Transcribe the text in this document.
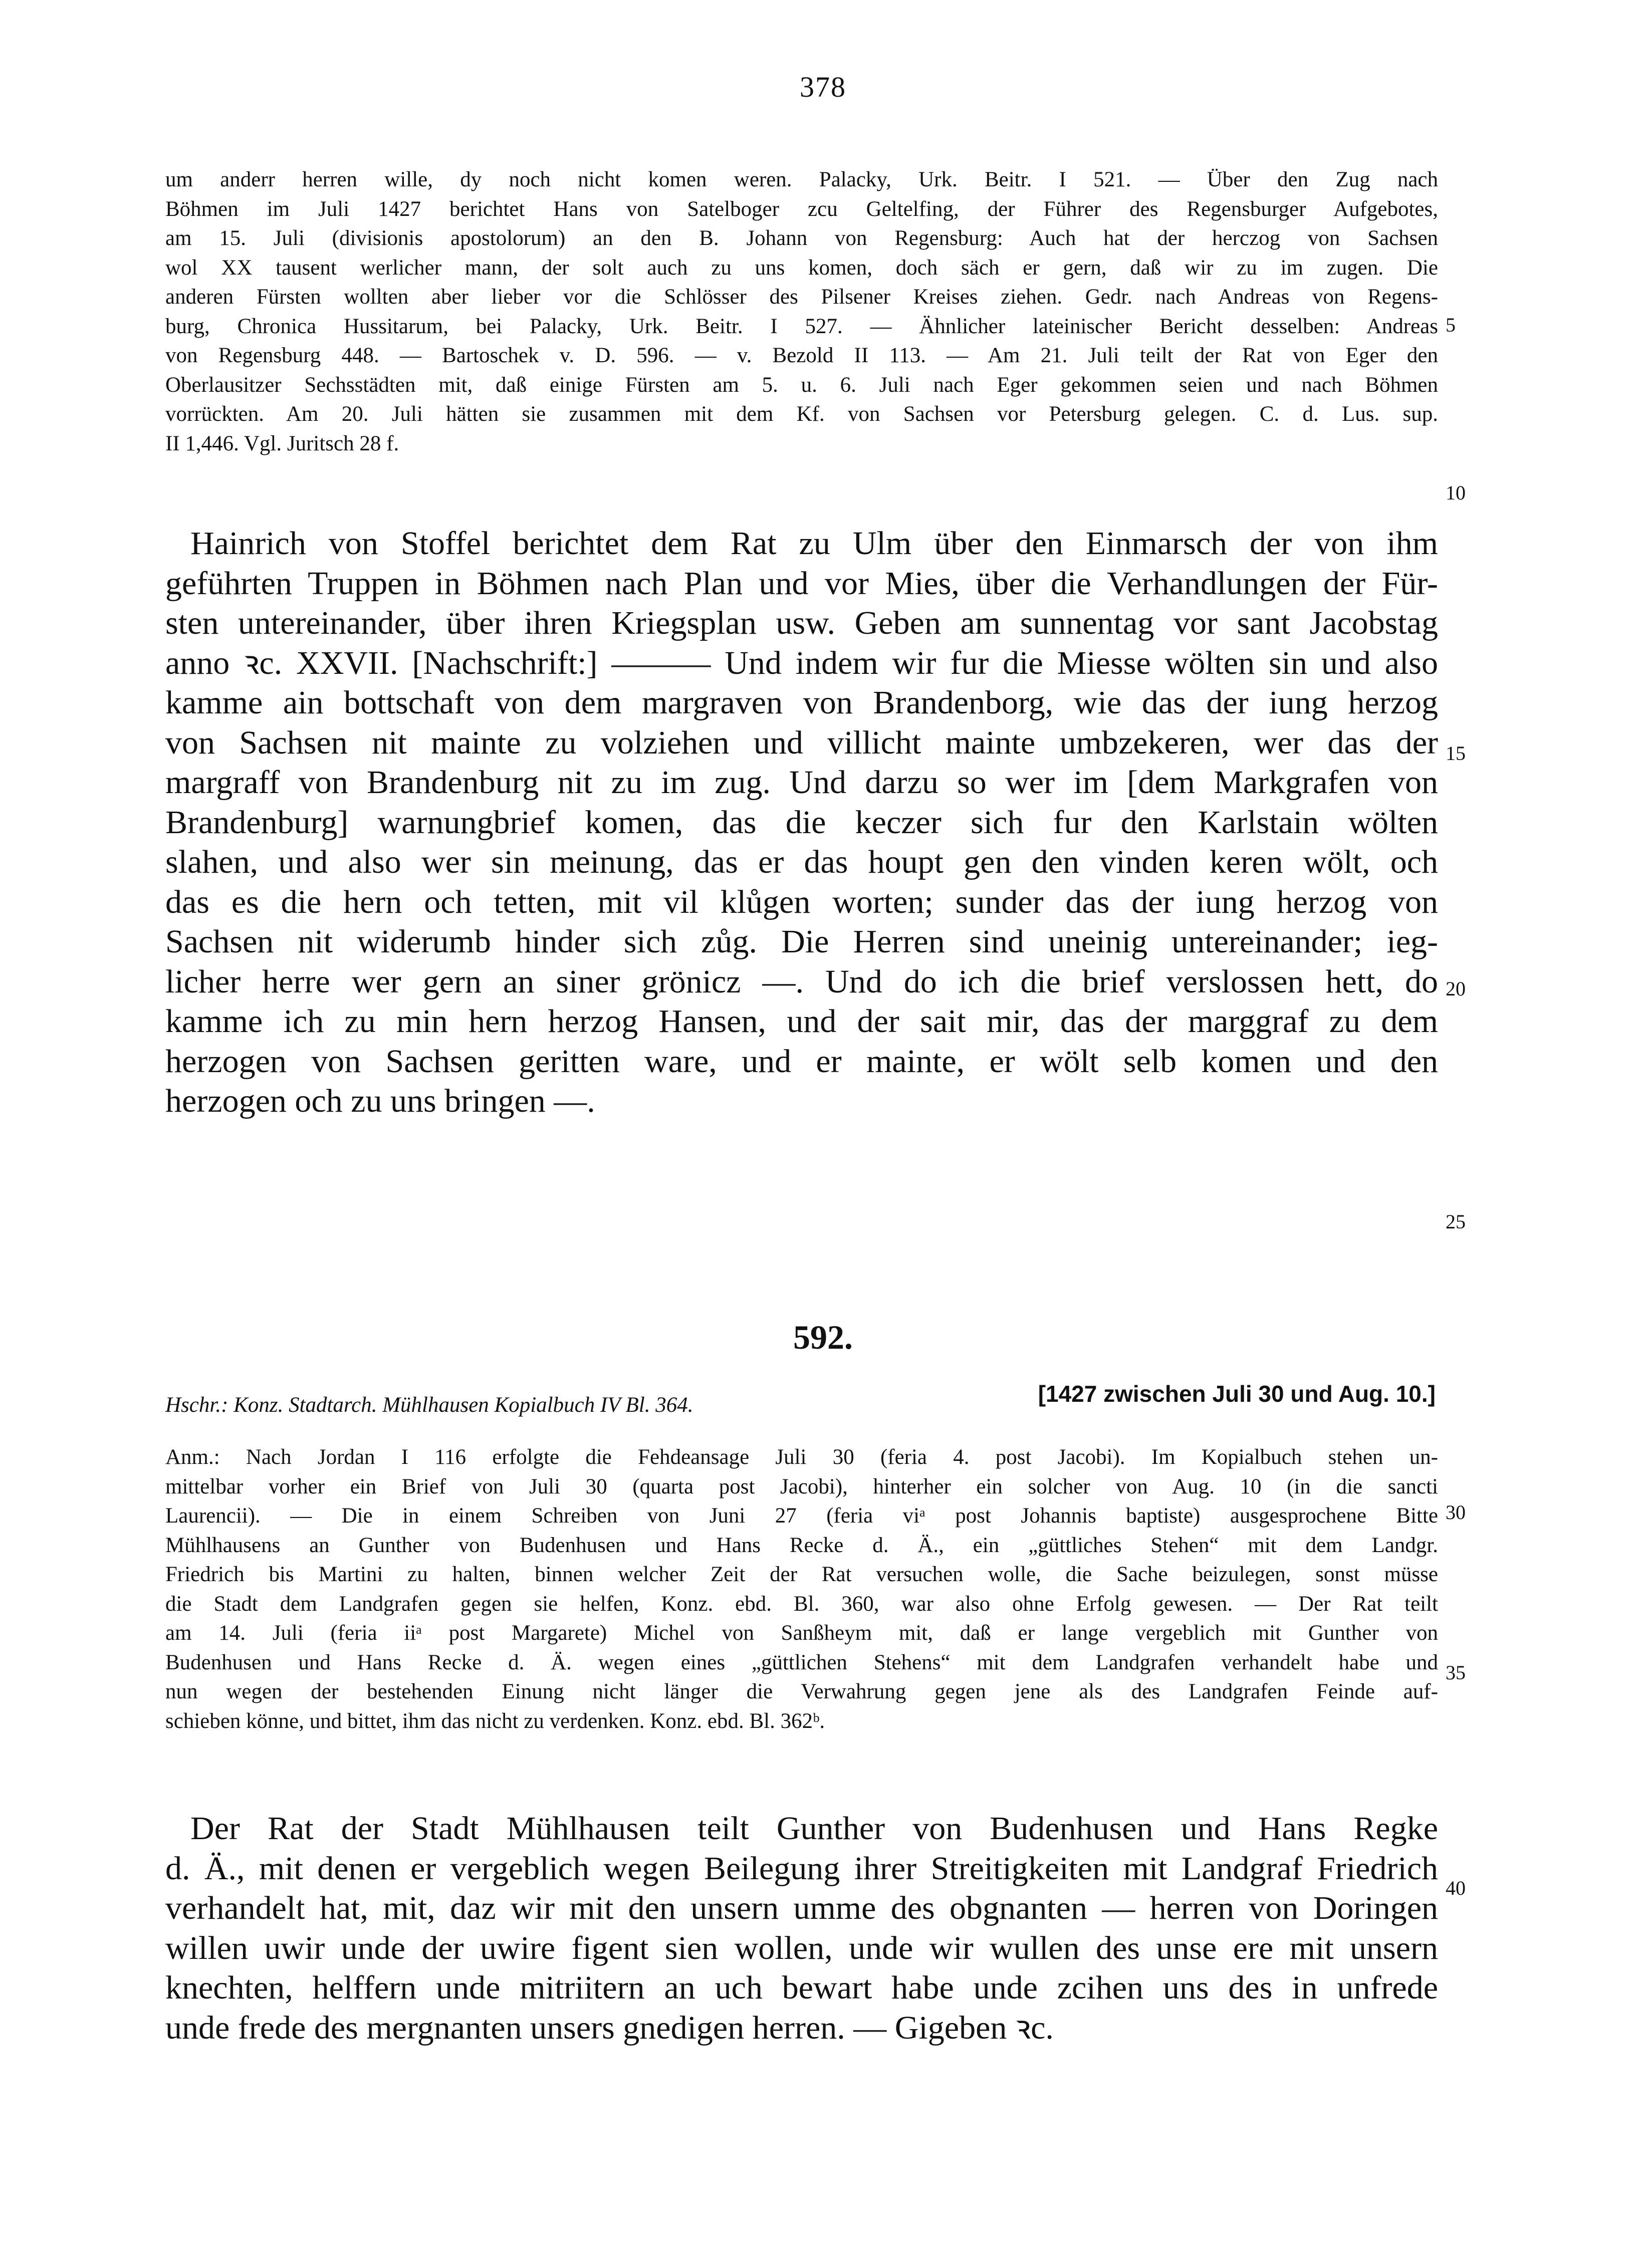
378
um anderr herren wille, dy noch nicht komen weren. Palacky, Urk. Beitr. I 521. — Über den Zug nach
Böhmen im Juli 1427 berichtet Hans von Satelboger zcu Geltelfing, der Führer des Regensburger Aufgebotes,
am 15. Juli (divisionis apostolorum) an den B. Johann von Regensburg: Auch hat der herczog von Sachsen
wol XX tausent werlicher mann, der solt auch zu uns komen, doch säch er gern, daß wir zu im zugen. Die
anderen Fürsten wollten aber lieber vor die Schlösser des Pilsener Kreises ziehen. Gedr. nach Andreas von Regens-
burg, Chronica Hussitarum, bei Palacky, Urk. Beitr. I 527. — Ähnlicher lateinischer Bericht desselben: Andreas
von Regensburg 448. — Bartoschek v. D. 596. — v. Bezold II 113. — Am 21. Juli teilt der Rat von Eger den
Oberlausitzer Sechsstädten mit, daß einige Fürsten am 5. u. 6. Juli nach Eger gekommen seien und nach Böhmen
vorrückten. Am 20. Juli hätten sie zusammen mit dem Kf. von Sachsen vor Petersburg gelegen. C. d. Lus. sup.
II 1,446. Vgl. Juritsch 28 f.
Hainrich von Stoffel berichtet dem Rat zu Ulm über den Einmarsch der von ihm
geführten Truppen in Böhmen nach Plan und vor Mies, über die Verhandlungen der Für-
sten untereinander, über ihren Kriegsplan usw. Geben am sunnentag vor sant Jacobstag
anno ꝛc. XXVII. [Nachschrift:] ——— Und indem wir fur die Miesse wölten sin und also
kamme ain bottschaft von dem margraven von Brandenborg, wie das der iung herzog
von Sachsen nit mainte zu volziehen und villicht mainte umbzekeren, wer das der
margraff von Brandenburg nit zu im zug. Und darzu so wer im [dem Markgrafen von
Brandenburg] warnungbrief komen, das die keczer sich fur den Karlstain wölten
slahen, und also wer sin meinung, das er das houpt gen den vinden keren wölt, och
das es die hern och tetten, mit vil klůgen worten; sunder das der iung herzog von
Sachsen nit widerumb hinder sich zůg. Die Herren sind uneinig untereinander; ieg-
licher herre wer gern an siner grönicz —. Und do ich die brief verslossen hett, do
kamme ich zu min hern herzog Hansen, und der sait mir, das der marggraf zu dem
herzogen von Sachsen geritten ware, und er mainte, er wölt selb komen und den
herzogen och zu uns bringen —.
592.
[1427 zwischen Juli 30 und Aug. 10.]
Hschr.: Konz. Stadtarch. Mühlhausen Kopialbuch IV Bl. 364.
Anm.: Nach Jordan I 116 erfolgte die Fehdeansage Juli 30 (feria 4. post Jacobi). Im Kopialbuch stehen un-
mittelbar vorher ein Brief von Juli 30 (quarta post Jacobi), hinterher ein solcher von Aug. 10 (in die sancti
Laurencii). — Die in einem Schreiben von Juni 27 (feria viᵃ post Johannis baptiste) ausgesprochene Bitte
Mühlhausens an Gunther von Budenhusen und Hans Recke d. Ä., ein „güttliches Stehen“ mit dem Landgr.
Friedrich bis Martini zu halten, binnen welcher Zeit der Rat versuchen wolle, die Sache beizulegen, sonst müsse
die Stadt dem Landgrafen gegen sie helfen, Konz. ebd. Bl. 360, war also ohne Erfolg gewesen. — Der Rat teilt
am 14. Juli (feria iiᵃ post Margarete) Michel von Sanßheym mit, daß er lange vergeblich mit Gunther von
Budenhusen und Hans Recke d. Ä. wegen eines „güttlichen Stehens“ mit dem Landgrafen verhandelt habe und
nun wegen der bestehenden Einung nicht länger die Verwahrung gegen jene als des Landgrafen Feinde auf-
schieben könne, und bittet, ihm das nicht zu verdenken. Konz. ebd. Bl. 362ᵇ.
Der Rat der Stadt Mühlhausen teilt Gunther von Budenhusen und Hans Regke
d. Ä., mit denen er vergeblich wegen Beilegung ihrer Streitigkeiten mit Landgraf Friedrich
verhandelt hat, mit, daz wir mit den unsern umme des obgnanten — herren von Doringen
willen uwir unde der uwire figent sien wollen, unde wir wullen des unse ere mit unsern
knechten, helffern unde mitriitern an uch bewart habe unde zcihen uns des in unfrede
unde frede des mergnanten unsers gnedigen herren. — Gigeben ꝛc.
5
10
15
20
25
30
35
40
